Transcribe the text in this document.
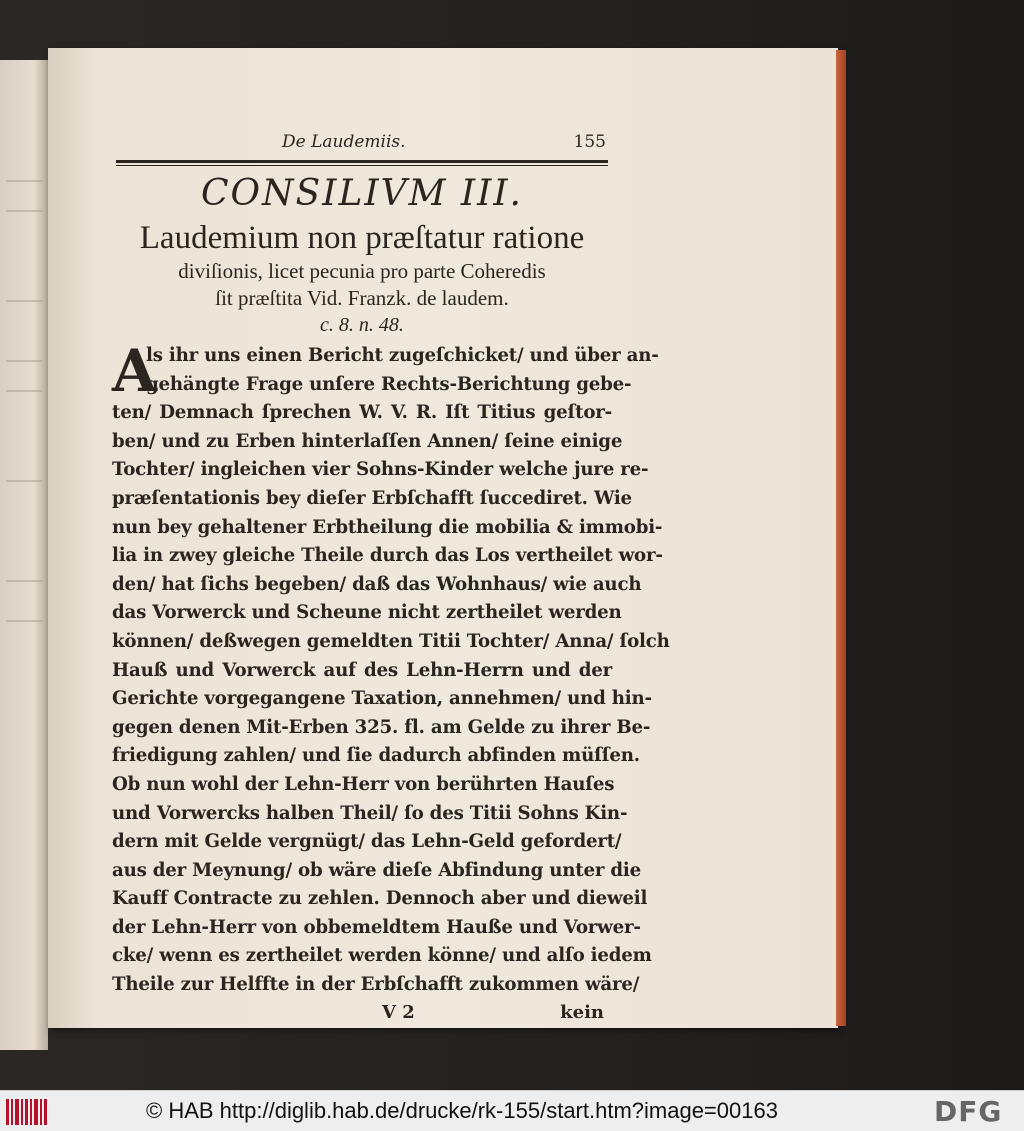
De Laudemiis.	155
CONSILIVM III.
Laudemium non præſtatur ratione
diviſionis, licet pecunia pro parte Coheredis
ſit præſtita Vid. Franzk. de laudem.
c. 8. n. 48.
A
ls ihr uns einen Bericht zugeſchicket/ und über an-
gehängte Frage unſere Rechts-Berichtung gebe-
ten/ Demnach ſprechen W. V. R. Iſt Titius geſtor-
ben/ und zu Erben hinterlaſſen Annen/ ſeine einige
Tochter/ ingleichen vier Sohns-Kinder welche jure re-
præſentationis bey dieſer Erbſchafft ſuccediret. Wie
nun bey gehaltener Erbtheilung die mobilia & immobi-
lia in zwey gleiche Theile durch das Los vertheilet wor-
den/ hat ſichs begeben/ daß das Wohnhaus/ wie auch
das Vorwerck und Scheune nicht zertheilet werden
können/ deßwegen gemeldten Titii Tochter/ Anna/ ſolch
Hauß und Vorwerck auf des Lehn-Herrn und der
Gerichte vorgegangene Taxation, annehmen/ und hin-
gegen denen Mit-Erben 325. fl. am Gelde zu ihrer Be-
friedigung zahlen/ und ſie dadurch abfinden müſſen.
Ob nun wohl der Lehn-Herr von berührten Hauſes
und Vorwercks halben Theil/ ſo des Titii Sohns Kin-
dern mit Gelde vergnügt/ das Lehn-Geld gefordert/
aus der Meynung/ ob wäre dieſe Abfindung unter die
Kauff Contracte zu zehlen. Dennoch aber und dieweil
der Lehn-Herr von obbemeldtem Hauße und Vorwer-
cke/ wenn es zertheilet werden könne/ und alſo iedem
Theile zur Helffte in der Erbſchafft zukommen wäre/
V 2	kein
© HAB http://diglib.hab.de/drucke/rk-155/start.htm?image=00163	DFG
